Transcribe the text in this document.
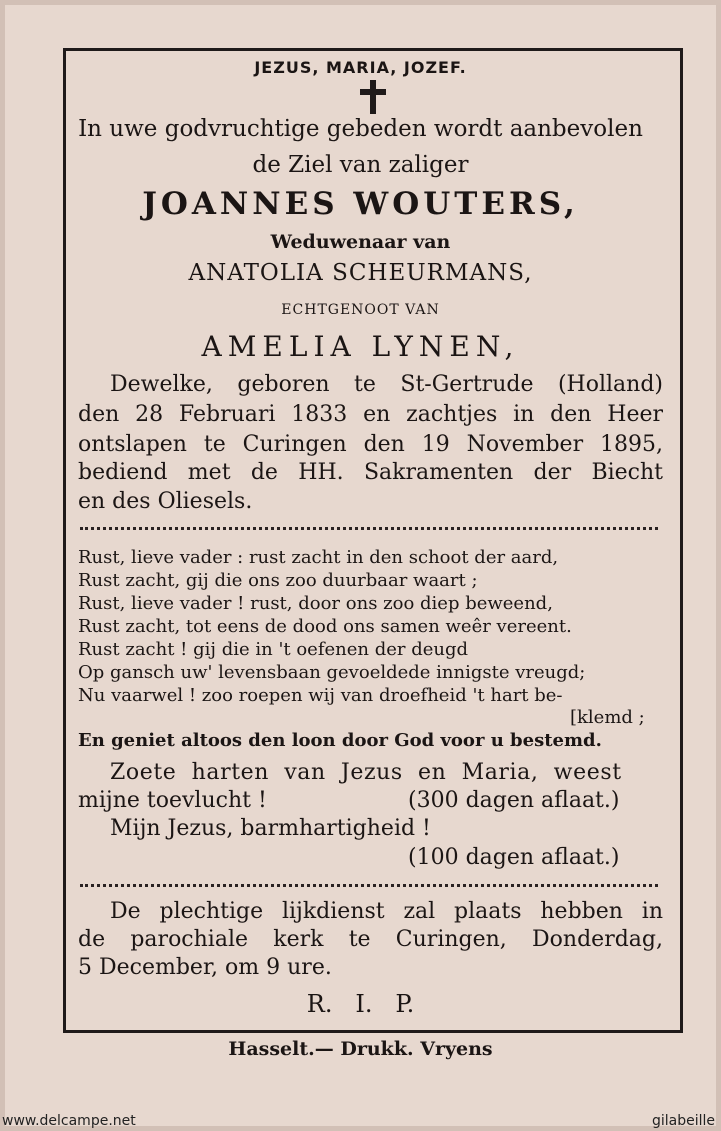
JEZUS, MARIA, JOZEF.
In uwe godvruchtige gebeden wordt aanbevolen
de Ziel van zaliger
JOANNES WOUTERS,
Weduwenaar van
ANATOLIA SCHEURMANS,
ECHTGENOOT VAN
AMELIA LYNEN,
Dewelke, geboren te St-Gertrude (Holland)
den 28 Februari 1833 en zachtjes in den Heer
ontslapen te Curingen den 19 November 1895,
bediend met de HH. Sakramenten der Biecht
en des Oliesels.
Rust, lieve vader : rust zacht in den schoot der aard,
Rust zacht, gij die ons zoo duurbaar waart ;
Rust, lieve vader ! rust, door ons zoo diep beweend,
Rust zacht, tot eens de dood ons samen weêr vereent.
Rust zacht ! gij die in 't oefenen der deugd
Op gansch uw' levensbaan gevoeldede innigste vreugd;
Nu vaarwel ! zoo roepen wij van droefheid 't hart be-
[klemd ;
En geniet altoos den loon door God voor u bestemd.
Zoete  harten  van  Jezus  en  Maria,  weest
mijne toevlucht !	(300 dagen aflaat.)
Mijn Jezus, barmhartigheid !
(100 dagen aflaat.)
De plechtige lijkdienst zal plaats hebben in
de parochiale kerk te Curingen, Donderdag,
5 December, om 9 ure.
R.   I.   P.
Hasselt.— Drukk. Vryens
www.delcampe.net	gilabeille
